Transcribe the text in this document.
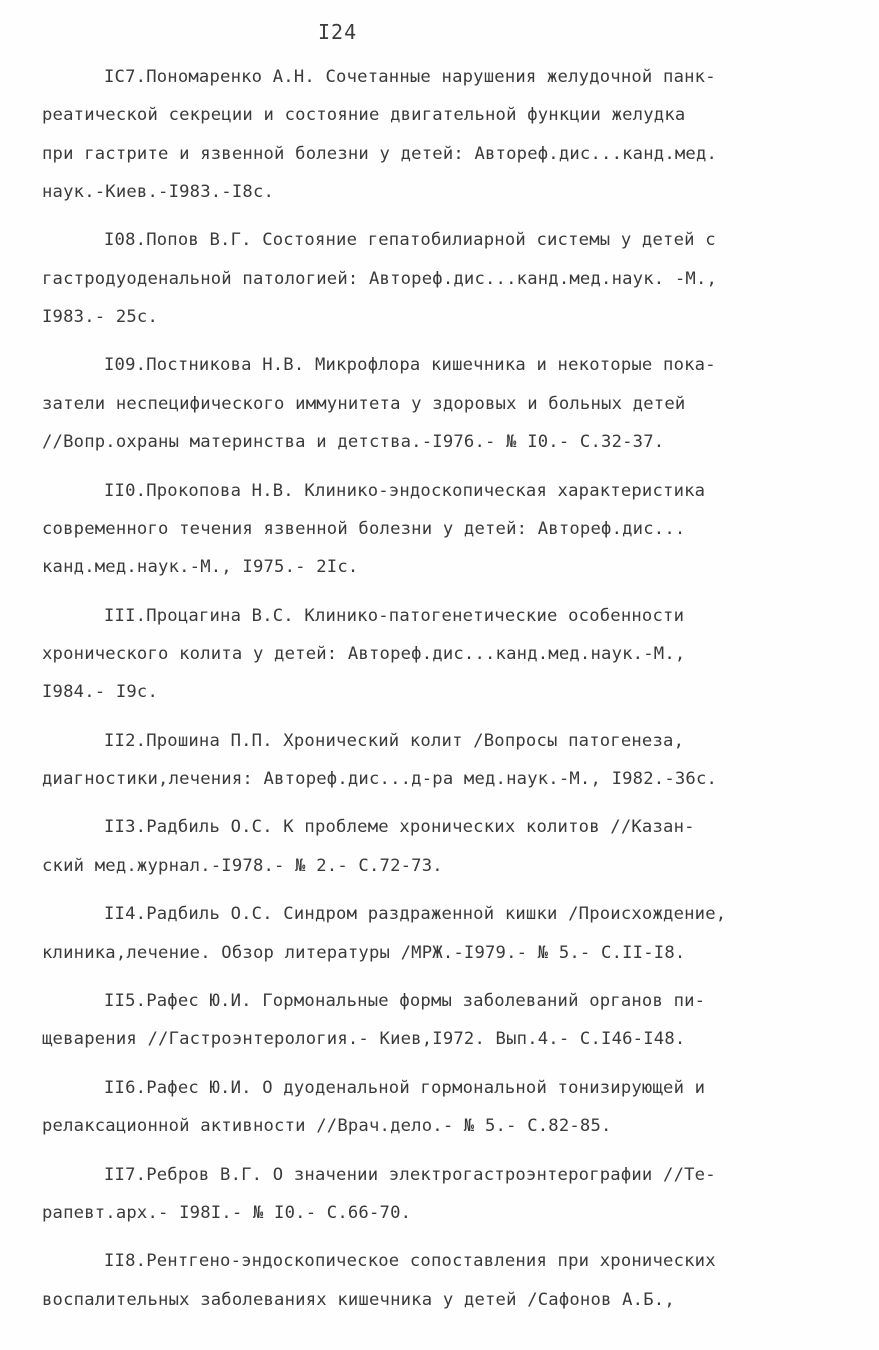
I24
IC7.Пономаренко А.Н. Сочетанные нарушения желудочной панк-
реатической секреции и состояние двигательной функции желудка
при гастрите и язвенной болезни у детей: Автореф.дис...канд.мед.
наук.-Киев.-I983.-I8с.
I08.Попов В.Г. Состояние гепатобилиарной системы у детей с
гастродуоденальной патологией: Автореф.дис...канд.мед.наук. -М.,
I983.- 25с.
I09.Постникова Н.В. Микрофлора кишечника и некоторые пока-
затели неспецифического иммунитета у здоровых и больных детей
//Вопр.охраны материнства и детства.-I976.- № I0.- С.32-37.
II0.Прокопова Н.В. Клинико-эндоскопическая характеристика
современного течения язвенной болезни у детей: Автореф.дис...
канд.мед.наук.-М., I975.- 2Iс.
III.Процагина В.С. Клинико-патогенетические особенности
хронического колита у детей: Автореф.дис...канд.мед.наук.-М.,
I984.- I9с.
II2.Прошина П.П. Хронический колит /Вопросы патогенеза,
диагностики,лечения: Автореф.дис...д-ра мед.наук.-М., I982.-36с.
II3.Радбиль О.С. К проблеме хронических колитов //Казан-
ский мед.журнал.-I978.- № 2.- С.72-73.
II4.Радбиль О.С. Синдром раздраженной кишки /Происхождение,
клиника,лечение. Обзор литературы /МРЖ.-I979.- № 5.- С.II-I8.
II5.Рафес Ю.И. Гормональные формы заболеваний органов пи-
щеварения //Гастроэнтерология.- Киев,I972. Вып.4.- С.I46-I48.
II6.Рафес Ю.И. О дуоденальной гормональной тонизирующей и
релаксационной активности //Врач.дело.- № 5.- С.82-85.
II7.Ребров В.Г. О значении электрогастроэнтерографии //Те-
рапевт.арх.- I98I.- № I0.- С.66-70.
II8.Рентгено-эндоскопическое сопоставления при хронических
воспалительных заболеваниях кишечника у детей /Сафонов А.Б.,
